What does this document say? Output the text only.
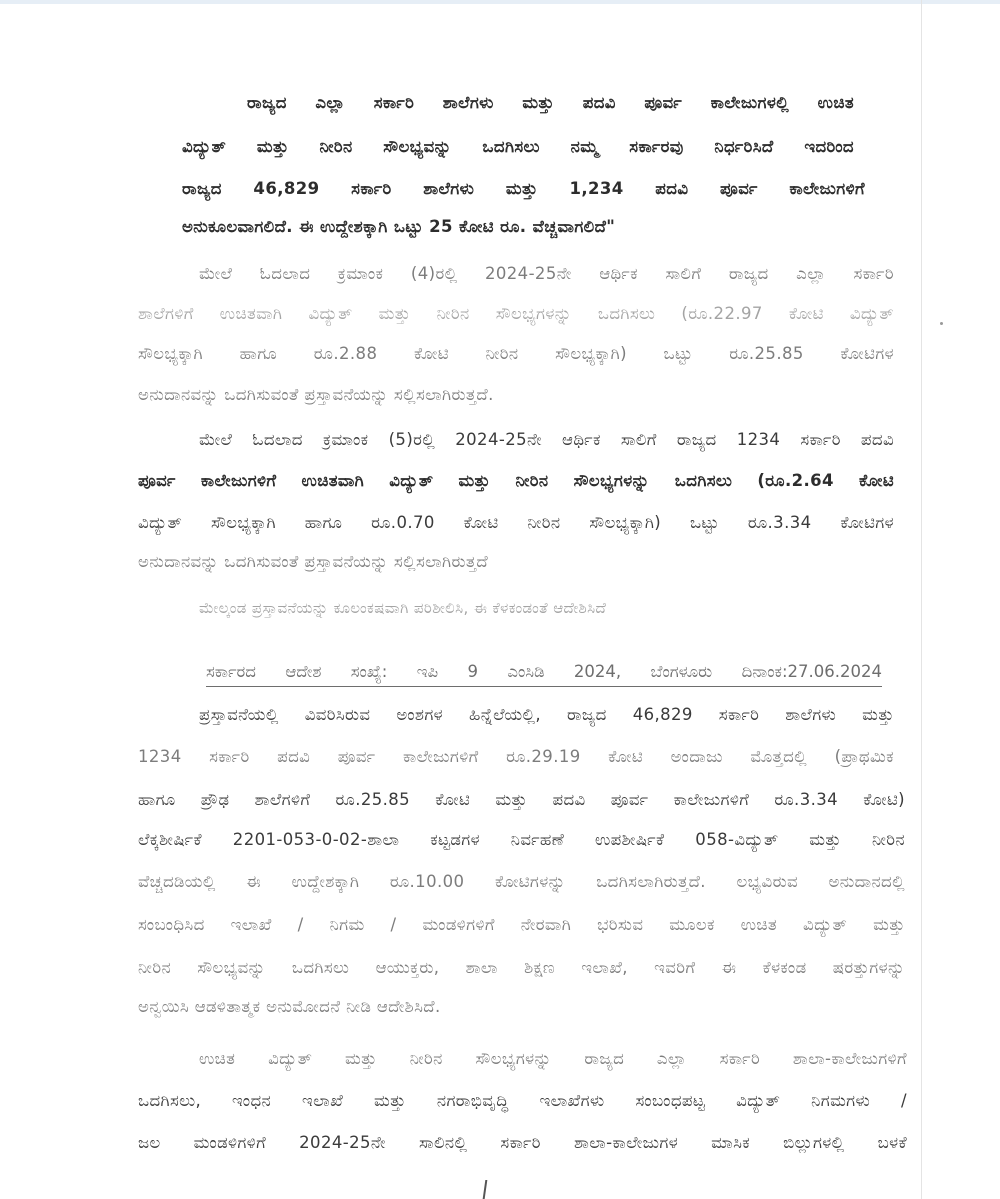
ರಾಜ್ಯದ ಎಲ್ಲಾ ಸರ್ಕಾರಿ ಶಾಲೆಗಳು ಮತ್ತು ಪದವಿ ಪೂರ್ವ ಕಾಲೇಜುಗಳಲ್ಲಿ ಉಚಿತ
ವಿದ್ಯುತ್ ಮತ್ತು ನೀರಿನ ಸೌಲಭ್ಯವನ್ನು ಒದಗಿಸಲು ನಮ್ಮ ಸರ್ಕಾರವು ನಿರ್ಧರಿಸಿದೆ ಇದರಿಂದ
ರಾಜ್ಯದ 46,829 ಸರ್ಕಾರಿ ಶಾಲೆಗಳು ಮತ್ತು 1,234 ಪದವಿ ಪೂರ್ವ ಕಾಲೇಜುಗಳಿಗೆ
ಅನುಕೂಲವಾಗಲಿದೆ. ಈ ಉದ್ದೇಶಕ್ಕಾಗಿ ಒಟ್ಟು 25 ಕೋಟಿ ರೂ. ವೆಚ್ಚವಾಗಲಿದೆ"
ಮೇಲೆ ಓದಲಾದ ಕ್ರಮಾಂಕ (4)ರಲ್ಲಿ 2024-25ನೇ ಆರ್ಥಿಕ ಸಾಲಿಗೆ ರಾಜ್ಯದ ಎಲ್ಲಾ ಸರ್ಕಾರಿ
ಶಾಲೆಗಳಿಗೆ ಉಚಿತವಾಗಿ ವಿದ್ಯುತ್ ಮತ್ತು ನೀರಿನ ಸೌಲಭ್ಯಗಳನ್ನು ಒದಗಿಸಲು (ರೂ.22.97 ಕೋಟಿ ವಿದ್ಯುತ್
ಸೌಲಭ್ಯಕ್ಕಾಗಿ ಹಾಗೂ ರೂ.2.88 ಕೋಟಿ ನೀರಿನ ಸೌಲಭ್ಯಕ್ಕಾಗಿ) ಒಟ್ಟು ರೂ.25.85 ಕೋಟಿಗಳ
ಅನುದಾನವನ್ನು ಒದಗಿಸುವಂತೆ ಪ್ರಸ್ತಾವನೆಯನ್ನು ಸಲ್ಲಿಸಲಾಗಿರುತ್ತದೆ.
ಮೇಲೆ ಓದಲಾದ ಕ್ರಮಾಂಕ (5)ರಲ್ಲಿ 2024-25ನೇ ಆರ್ಥಿಕ ಸಾಲಿಗೆ ರಾಜ್ಯದ 1234 ಸರ್ಕಾರಿ ಪದವಿ
ಪೂರ್ವ ಕಾಲೇಜುಗಳಿಗೆ ಉಚಿತವಾಗಿ ವಿದ್ಯುತ್ ಮತ್ತು ನೀರಿನ ಸೌಲಭ್ಯಗಳನ್ನು ಒದಗಿಸಲು (ರೂ.2.64 ಕೋಟಿ
ವಿದ್ಯುತ್ ಸೌಲಭ್ಯಕ್ಕಾಗಿ ಹಾಗೂ ರೂ.0.70 ಕೋಟಿ ನೀರಿನ ಸೌಲಭ್ಯಕ್ಕಾಗಿ) ಒಟ್ಟು ರೂ.3.34 ಕೋಟಿಗಳ
ಅನುದಾನವನ್ನು ಒದಗಿಸುವಂತೆ ಪ್ರಸ್ತಾವನೆಯನ್ನು ಸಲ್ಲಿಸಲಾಗಿರುತ್ತದೆ
ಮೇಲ್ಕಂಡ ಪ್ರಸ್ತಾವನೆಯನ್ನು ಕೂಲಂಕಷವಾಗಿ ಪರಿಶೀಲಿಸಿ, ಈ ಕೆಳಕಂಡಂತೆ ಆದೇಶಿಸಿದೆ
ಸರ್ಕಾರದ ಆದೇಶ ಸಂಖ್ಯೆ: ಇಪಿ 9 ಎಂಸಿಡಿ 2024, ಬೆಂಗಳೂರು ದಿನಾಂಕ:27.06.2024
ಪ್ರಸ್ತಾವನೆಯಲ್ಲಿ ವಿವರಿಸಿರುವ ಅಂಶಗಳ ಹಿನ್ನೆಲೆಯಲ್ಲಿ, ರಾಜ್ಯದ 46,829 ಸರ್ಕಾರಿ ಶಾಲೆಗಳು ಮತ್ತು
1234 ಸರ್ಕಾರಿ ಪದವಿ ಪೂರ್ವ ಕಾಲೇಜುಗಳಿಗೆ ರೂ.29.19 ಕೋಟಿ ಅಂದಾಜು ಮೊತ್ತದಲ್ಲಿ (ಪ್ರಾಥಮಿಕ
ಹಾಗೂ ಪ್ರೌಢ ಶಾಲೆಗಳಿಗೆ ರೂ.25.85 ಕೋಟಿ ಮತ್ತು ಪದವಿ ಪೂರ್ವ ಕಾಲೇಜುಗಳಿಗೆ ರೂ.3.34 ಕೋಟಿ)
ಲೆಕ್ಕಶೀರ್ಷಿಕೆ 2201-053-0-02-ಶಾಲಾ ಕಟ್ಟಡಗಳ ನಿರ್ವಹಣೆ ಉಪಶೀರ್ಷಿಕೆ 058-ವಿದ್ಯುತ್ ಮತ್ತು ನೀರಿನ
ವೆಚ್ಚದಡಿಯಲ್ಲಿ ಈ ಉದ್ದೇಶಕ್ಕಾಗಿ ರೂ.10.00 ಕೋಟಿಗಳನ್ನು ಒದಗಿಸಲಾಗಿರುತ್ತದೆ. ಲಭ್ಯವಿರುವ ಅನುದಾನದಲ್ಲಿ
ಸಂಬಂಧಿಸಿದ ಇಲಾಖೆ / ನಿಗಮ / ಮಂಡಳಿಗಳಿಗೆ ನೇರವಾಗಿ ಭರಿಸುವ ಮೂಲಕ ಉಚಿತ ವಿದ್ಯುತ್ ಮತ್ತು
ನೀರಿನ ಸೌಲಭ್ಯವನ್ನು ಒದಗಿಸಲು ಆಯುಕ್ತರು, ಶಾಲಾ ಶಿಕ್ಷಣ ಇಲಾಖೆ, ಇವರಿಗೆ ಈ ಕೆಳಕಂಡ ಷರತ್ತುಗಳನ್ನು
ಅನ್ವಯಿಸಿ ಆಡಳಿತಾತ್ಮಕ ಅನುಮೋದನೆ ನೀಡಿ ಆದೇಶಿಸಿದೆ.
ಉಚಿತ ವಿದ್ಯುತ್ ಮತ್ತು ನೀರಿನ ಸೌಲಭ್ಯಗಳನ್ನು ರಾಜ್ಯದ ಎಲ್ಲಾ ಸರ್ಕಾರಿ ಶಾಲಾ-ಕಾಲೇಜುಗಳಿಗೆ
ಒದಗಿಸಲು, ಇಂಧನ ಇಲಾಖೆ ಮತ್ತು ನಗರಾಭಿವೃದ್ಧಿ ಇಲಾಖೆಗಳು ಸಂಬಂಧಪಟ್ಟ ವಿದ್ಯುತ್ ನಿಗಮಗಳು /
ಜಲ ಮಂಡಳಿಗಳಿಗೆ 2024-25ನೇ ಸಾಲಿನಲ್ಲಿ ಸರ್ಕಾರಿ ಶಾಲಾ-ಕಾಲೇಜುಗಳ ಮಾಸಿಕ ಬಿಲ್ಲುಗಳಲ್ಲಿ ಬಳಕೆ
